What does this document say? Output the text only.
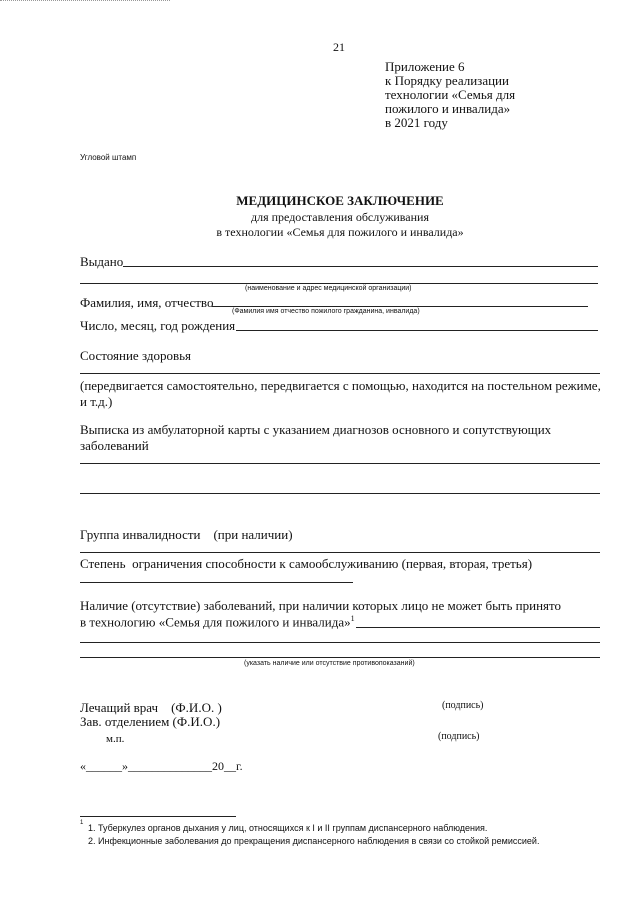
21
Приложение 6
к Порядку реализации
технологии «Семья для
пожилого и инвалида»
в 2021 году
Угловой штамп
МЕДИЦИНСКОЕ ЗАКЛЮЧЕНИЕ
для предоставления обслуживания
в технологии «Семья для пожилого и инвалида»
Выдано
(наименование и адрес медицинской организации)
Фамилия, имя, отчество
(Фамилия имя отчество пожилого гражданина, инвалида)
Число, месяц, год рождения
Состояние здоровья
(передвигается самостоятельно, передвигается с помощью, находится на постельном режиме,
и т.д.)
Выписка из амбулаторной карты с указанием диагнозов основного и сопутствующих
заболеваний
Группа инвалидности    (при наличии)
Степень  ограничения способности к самообслуживанию (первая, вторая, третья)
Наличие (отсутствие) заболеваний, при наличии которых лицо не может быть принято
в технологию «Семья для пожилого и инвалида»$^1$
(указать наличие или отсутствие противопоказаний)
Лечащий врач    (Ф.И.О. )	(подпись)
Зав. отделением (Ф.И.О.)
м.п.	(подпись)
«______»______________20__г.
1 1. Туберкулез органов дыхания у лиц, относящихся к I и II группам диспансерного наблюдения.
2. Инфекционные заболевания до прекращения диспансерного наблюдения в связи со стойкой ремиссией.
